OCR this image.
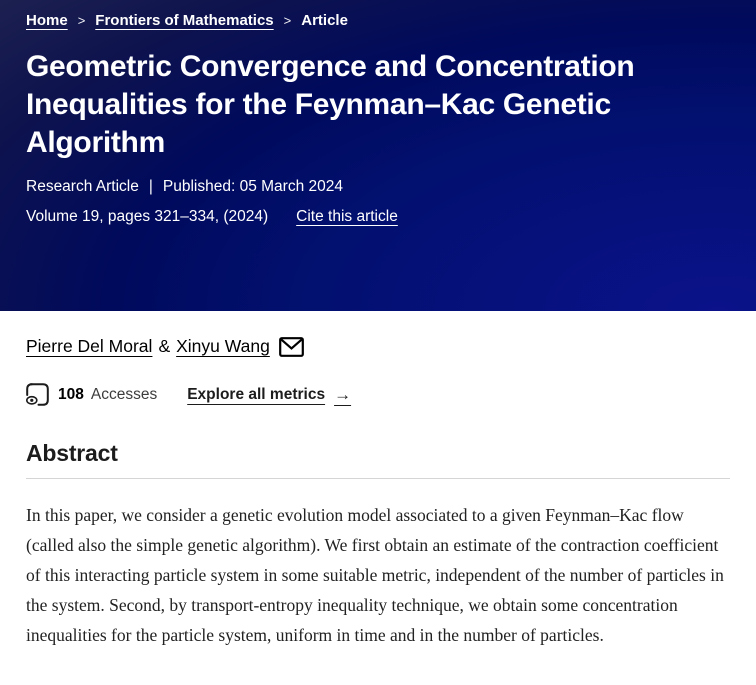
Home > Frontiers of Mathematics > Article
Geometric Convergence and Concentration Inequalities for the Feynman–Kac Genetic Algorithm
Research Article | Published: 05 March 2024
Volume 19, pages 321–334, (2024) Cite this article
Pierre Del Moral & Xinyu Wang
108 Accesses Explore all metrics →
Abstract

In this paper, we consider a genetic evolution model associated to a given Feynman–Kac flow (called also the simple genetic algorithm). We first obtain an estimate of the contraction coefficient of this interacting particle system in some suitable metric, independent of the number of particles in the system. Second, by transport-entropy inequality technique, we obtain some concentration inequalities for the particle system, uniform in time and in the number of particles.
